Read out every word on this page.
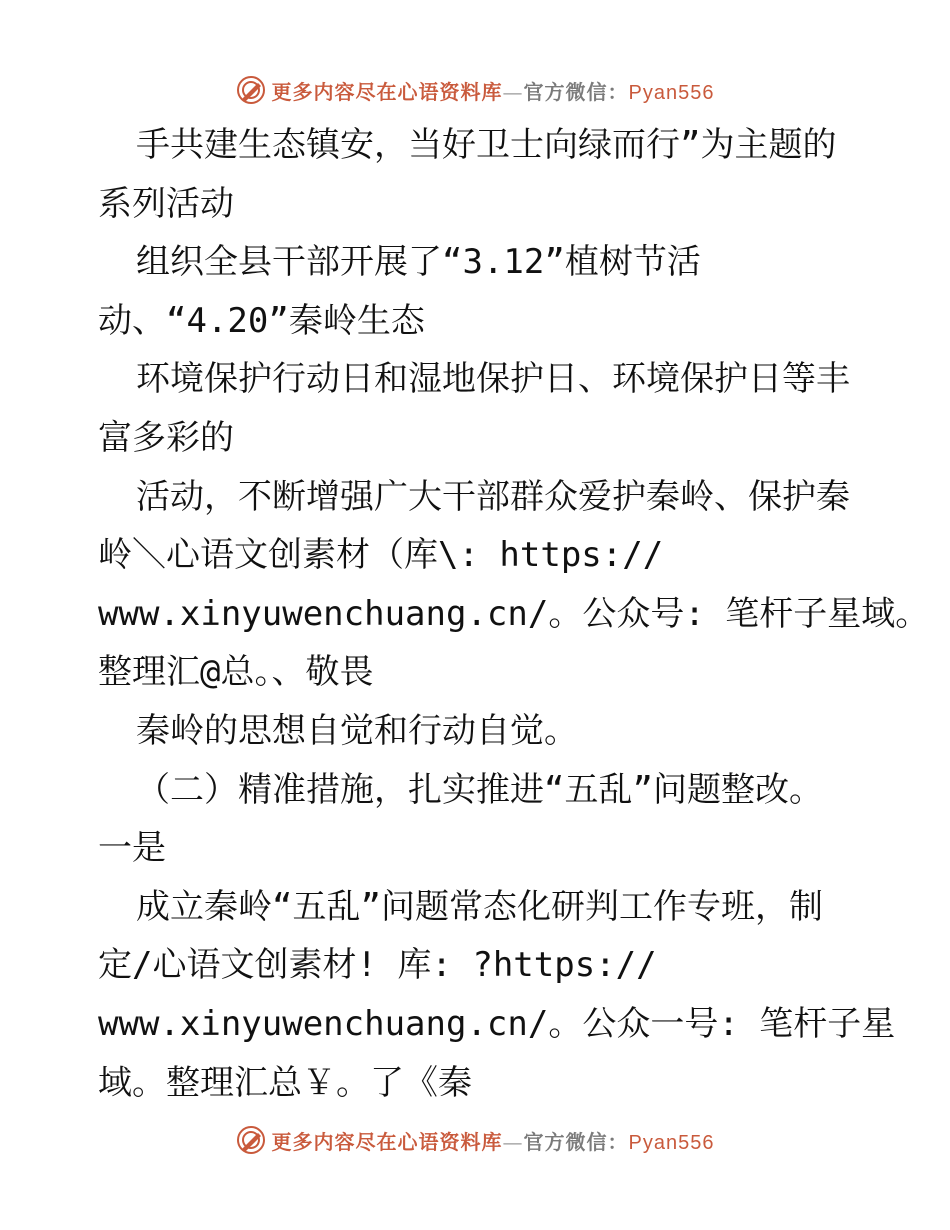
更多内容尽在心语资料库—官方微信：Pyan556
手共建生态镇安，当好卫士向绿而行”为主题的
系列活动
组织全县干部开展了“3.12”植树节活
动、“4.20”秦岭生态
环境保护行动日和湿地保护日、环境保护日等丰
富多彩的
活动，不断增强广大干部群众爱护秦岭、保护秦
岭＼心语文创素材（库\: https://
www.xinyuwenchuang.cn/。公众号: 笔杆子星域。
整理汇@总。、敬畏
秦岭的思想自觉和行动自觉。
（二）精准措施，扎实推进“五乱”问题整改。
一是
成立秦岭“五乱”问题常态化研判工作专班，制
定/心语文创素材! 库: ?https://
www.xinyuwenchuang.cn/。公众一号: 笔杆子星
域。整理汇总￥。了《秦
更多内容尽在心语资料库—官方微信：Pyan556
